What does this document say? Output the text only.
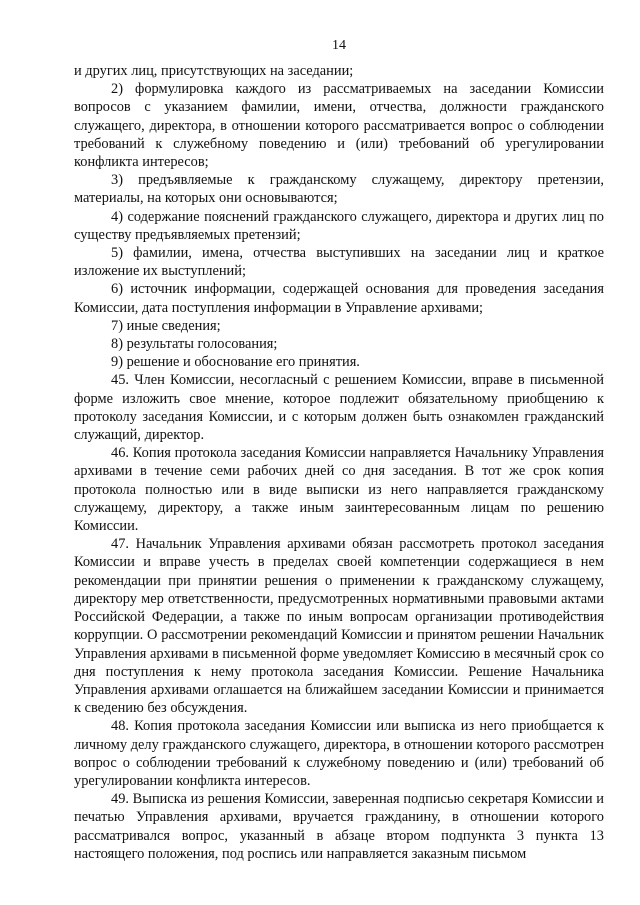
14

и других лиц, присутствующих на заседании;

2) формулировка каждого из рассматриваемых на заседании Комиссии вопросов с указанием фамилии, имени, отчества, должности гражданского служащего, директора, в отношении которого рассматривается вопрос о соблюдении требований к служебному поведению и (или) требований об урегулировании конфликта интересов;

3) предъявляемые к гражданскому служащему, директору претензии, материалы, на которых они основываются;

4) содержание пояснений гражданского служащего, директора и других лиц по существу предъявляемых претензий;

5) фамилии, имена, отчества выступивших на заседании лиц и краткое изложение их выступлений;

6) источник информации, содержащей основания для проведения заседания Комиссии, дата поступления информации в Управление архивами;

7) иные сведения;

8) результаты голосования;

9) решение и обоснование его принятия.

45. Член Комиссии, несогласный с решением Комиссии, вправе в письменной форме изложить свое мнение, которое подлежит обязательному приобщению к протоколу заседания Комиссии, и с которым должен быть ознакомлен гражданский служащий, директор.

46. Копия протокола заседания Комиссии направляется Начальнику Управления архивами в течение семи рабочих дней со дня заседания. В тот же срок копия протокола полностью или в виде выписки из него направляется гражданскому служащему, директору, а также иным заинтересованным лицам по решению Комиссии.

47. Начальник Управления архивами обязан рассмотреть протокол заседания Комиссии и вправе учесть в пределах своей компетенции содержащиеся в нем рекомендации при принятии решения о применении к гражданскому служащему, директору мер ответственности, предусмотренных нормативными правовыми актами Российской Федерации, а также по иным вопросам организации противодействия коррупции. О рассмотрении рекомендаций Комиссии и принятом решении Начальник Управления архивами в письменной форме уведомляет Комиссию в месячный срок со дня поступления к нему протокола заседания Комиссии. Решение Начальника Управления архивами оглашается на ближайшем заседании Комиссии и принимается к сведению без обсуждения.

48. Копия протокола заседания Комиссии или выписка из него приобщается к личному делу гражданского служащего, директора, в отношении которого рассмотрен вопрос о соблюдении требований к служебному поведению и (или) требований об урегулировании конфликта интересов.

49. Выписка из решения Комиссии, заверенная подписью секретаря Комиссии и печатью Управления архивами, вручается гражданину, в отношении которого рассматривался вопрос, указанный в абзаце втором подпункта 3 пункта 13 настоящего положения, под роспись или направляется заказным письмом
